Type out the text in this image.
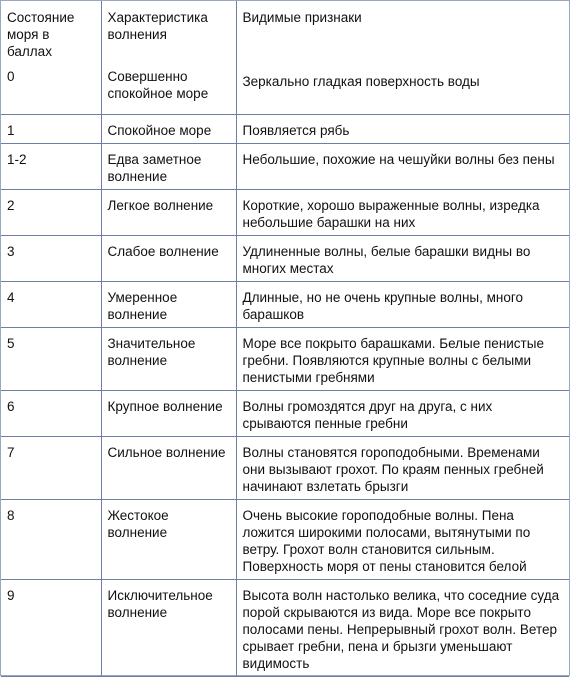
Состояние моря в баллах	Характеристика волнения	Видимые признаки

0	Совершенно спокойное море	Зеркально гладкая поверхность воды
1	Спокойное море	Появляется рябь
1-2	Едва заметное волнение	Небольшие, похожие на чешуйки волны без пены
2	Легкое волнение	Короткие, хорошо выраженные волны, изредка небольшие барашки на них
3	Слабое волнение	Удлиненные волны, белые барашки видны во многих местах
4	Умеренное волнение	Длинные, но не очень крупные волны, много барашков
5	Значительное волнение	Море все покрыто барашками. Белые пенистые гребни. Появляются крупные волны с белыми пенистыми гребнями
6	Крупное волнение	Волны громоздятся друг на друга, с них срываются пенные гребни
7	Сильное волнение	Волны становятся гороподобными. Временами они вызывают грохот. По краям пенных гребней начинают взлетать брызги
8	Жестокое волнение	Очень высокие гороподобные волны. Пена ложится широкими полосами, вытянутыми по ветру. Грохот волн становится сильным. Поверхность моря от пены становится белой
9	Исключительное волнение	Высота волн настолько велика, что соседние суда порой скрываются из вида. Море все покрыто полосами пены. Непрерывный грохот волн. Ветер срывает гребни, пена и брызги уменьшают видимость
